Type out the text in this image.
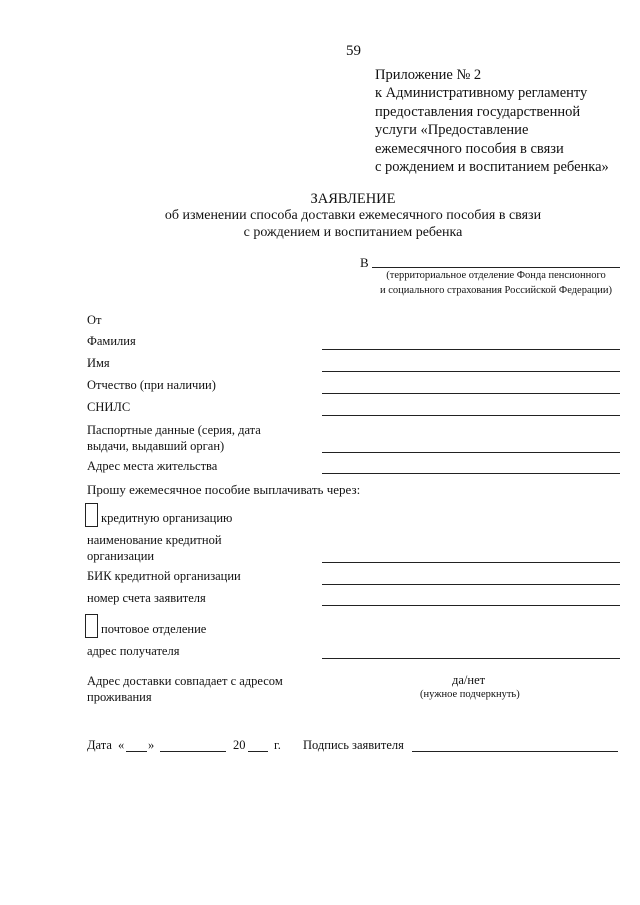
59
Приложение № 2
к Административному регламенту
предоставления государственной
услуги «Предоставление
ежемесячного пособия в связи
с рождением и воспитанием ребенка»
ЗАЯВЛЕНИЕ
об изменении способа доставки ежемесячного пособия в связи
с рождением и воспитанием ребенка
В
(территориальное отделение Фонда пенсионного
и социального страхования Российской Федерации)
От
Фамилия
Имя
Отчество (при наличии)
СНИЛС
Паспортные данные (серия, дата выдачи, выдавший орган)
Адрес места жительства
Прошу ежемесячное пособие выплачивать через:
кредитную организацию
наименование кредитной организации
БИК кредитной организации
номер счета заявителя
почтовое отделение
адрес получателя
Адрес доставки совпадает с адресом проживания
да/нет
(нужное подчеркнуть)
Дата « »	20 г. Подпись заявителя
